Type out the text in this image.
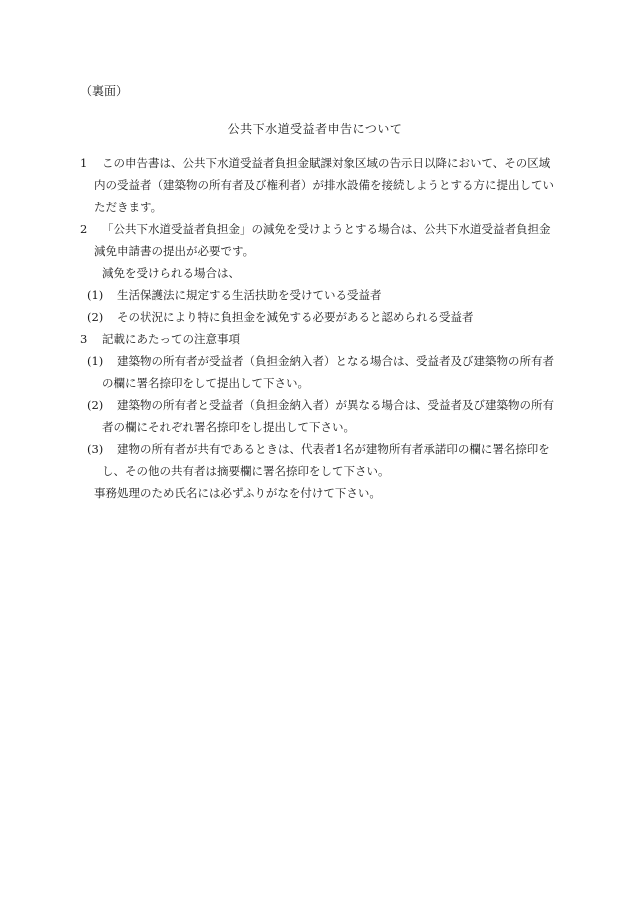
（裏面）
公共下水道受益者申告について
1 この申告書は、公共下水道受益者負担金賦課対象区域の告示日以降において、その区域
内の受益者（建築物の所有者及び権利者）が排水設備を接続しようとする方に提出してい
ただきます。
2 「公共下水道受益者負担金」の減免を受けようとする場合は、公共下水道受益者負担金
減免申請書の提出が必要です。
減免を受けられる場合は、
(1) 生活保護法に規定する生活扶助を受けている受益者
(2) その状況により特に負担金を減免する必要があると認められる受益者
3 記載にあたっての注意事項
(1) 建築物の所有者が受益者（負担金納入者）となる場合は、受益者及び建築物の所有者
の欄に署名捺印をして提出して下さい。
(2) 建築物の所有者と受益者（負担金納入者）が異なる場合は、受益者及び建築物の所有
者の欄にそれぞれ署名捺印をし提出して下さい。
(3) 建物の所有者が共有であるときは、代表者1名が建物所有者承諾印の欄に署名捺印を
し、その他の共有者は摘要欄に署名捺印をして下さい。
事務処理のため氏名には必ずふりがなを付けて下さい。
